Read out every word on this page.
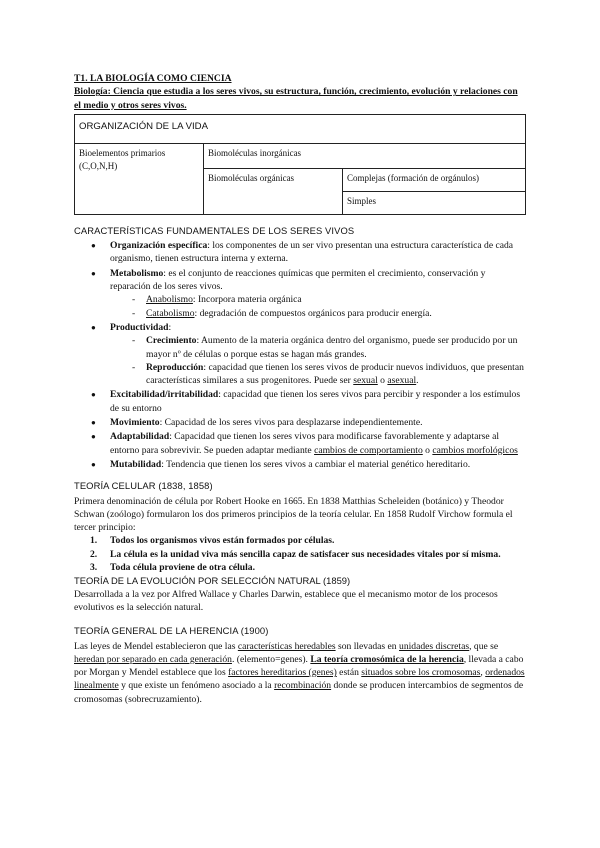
T1. LA BIOLOGÍA COMO CIENCIA

Biología: Ciencia que estudia a los seres vivos, su estructura, función, crecimiento, evolución y relaciones con el medio y otros seres vivos.

ORGANIZACIÓN DE LA VIDA		
Bioelementos primarios (C,O,N,H)	Biomoléculas inorgánicas	
	Biomoléculas orgánicas	Complejas (formación de orgánulos)
		Simples

CARACTERÍSTICAS FUNDAMENTALES DE LOS SERES VIVOS

● Organización específica: los componentes de un ser vivo presentan una estructura característica de cada organismo, tienen estructura interna y externa.
● Metabolismo: es el conjunto de reacciones químicas que permiten el crecimiento, conservación y reparación de los seres vivos.
- Anabolismo: Incorpora materia orgánica
- Catabolismo: degradación de compuestos orgánicos para producir energía.
● Productividad:
- Crecimiento: Aumento de la materia orgánica dentro del organismo, puede ser producido por un mayor nº de células o porque estas se hagan más grandes.
- Reproducción: capacidad que tienen los seres vivos de producir nuevos individuos, que presentan características similares a sus progenitores. Puede ser sexual o asexual.
● Excitabilidad/irritabilidad: capacidad que tienen los seres vivos para percibir y responder a los estímulos de su entorno
● Movimiento: Capacidad de los seres vivos para desplazarse independientemente.
● Adaptabilidad: Capacidad que tienen los seres vivos para modificarse favorablemente y adaptarse al entorno para sobrevivir. Se pueden adaptar mediante cambios de comportamiento o cambios morfológicos
● Mutabilidad: Tendencia que tienen los seres vivos a cambiar el material genético hereditario.

TEORÍA CELULAR (1838, 1858)

Primera denominación de célula por Robert Hooke en 1665. En 1838 Matthias Scheleiden (botánico) y Theodor Schwan (zoólogo) formularon los dos primeros principios de la teoría celular. En 1858 Rudolf Virchow formula el tercer principio:

1. Todos los organismos vivos están formados por células.
2. La célula es la unidad viva más sencilla capaz de satisfacer sus necesidades vitales por sí misma.
3. Toda célula proviene de otra célula.

TEORÍA DE LA EVOLUCIÓN POR SELECCIÓN NATURAL (1859)

Desarrollada a la vez por Alfred Wallace y Charles Darwin, establece que el mecanismo motor de los procesos evolutivos es la selección natural.

TEORÍA GENERAL DE LA HERENCIA (1900)

Las leyes de Mendel establecieron que las características heredables son llevadas en unidades discretas, que se heredan por separado en cada generación. (elemento=genes). La teoría cromosómica de la herencia, llevada a cabo por Morgan y Mendel establece que los factores hereditarios (genes) están situados sobre los cromosomas, ordenados linealmente y que existe un fenómeno asociado a la recombinación donde se producen intercambios de segmentos de cromosomas (sobrecruzamiento).
